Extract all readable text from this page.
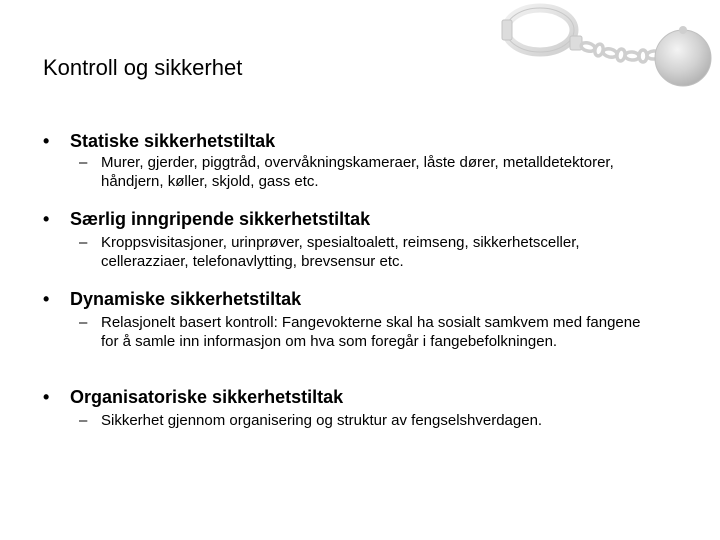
Kontroll og sikkerhet
• Statiske sikkerhetstiltak
– Murer, gjerder, piggtråd, overvåkningskameraer, låste dører, metalldetektorer, håndjern, køller, skjold, gass etc.
• Særlig inngripende sikkerhetstiltak
– Kroppsvisitasjoner, urinprøver, spesialtoalett, reimseng, sikkerhetsceller, cellerazziaer, telefonavlytting, brevsensur etc.
• Dynamiske sikkerhetstiltak
– Relasjonelt basert kontroll: Fangevokterne skal ha sosialt samkvem med fangene for å samle inn informasjon om hva som foregår i fangebefolkningen.
• Organisatoriske sikkerhetstiltak
– Sikkerhet gjennom organisering og struktur av fengselshverdagen.
